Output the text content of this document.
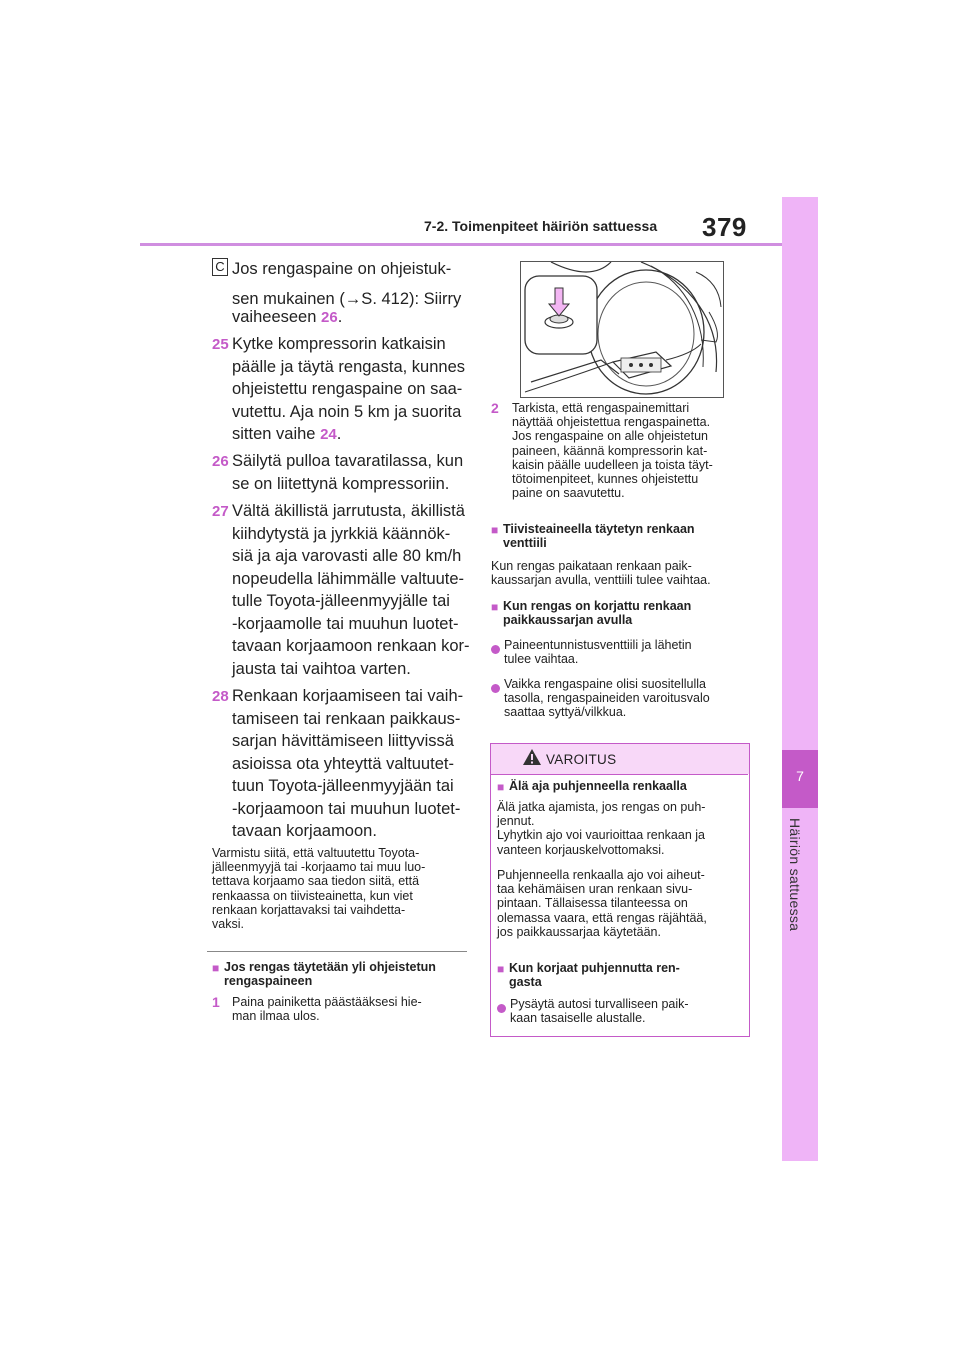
7-2. Toimenpiteet häiriön sattuessa 379
7
Häiriön sattuessa
C Jos rengaspaine on ohjeistuk-
sen mukainen (→S. 412): Siirry
vaiheeseen 26.
25 Kytke kompressorin katkaisin
päälle ja täytä rengasta, kunnes
ohjeistettu rengaspaine on saa-
vutettu. Aja noin 5 km ja suorita
sitten vaihe 24.
26 Säilytä pulloa tavaratilassa, kun
se on liitettynä kompressoriin.
27 Vältä äkillistä jarrutusta, äkillistä
kiihdytystä ja jyrkkiä käännök-
siä ja aja varovasti alle 80 km/h
nopeudella lähimmälle valtuute-
tulle Toyota-jälleenmyyjälle tai
-korjaamolle tai muuhun luotet-
tavaan korjaamoon renkaan kor-
jausta tai vaihtoa varten.
28 Renkaan korjaamiseen tai vaih-
tamiseen tai renkaan paikkaus-
sarjan hävittämiseen liittyvissä
asioissa ota yhteyttä valtuutet-
tuun Toyota-jälleenmyyjään tai
-korjaamoon tai muuhun luotet-
tavaan korjaamoon.
Varmistu siitä, että valtuutettu Toyota-
jälleenmyyjä tai -korjaamo tai muu luo-
tettava korjaamo saa tiedon siitä, että
renkaassa on tiivisteainetta, kun viet
renkaan korjattavaksi tai vaihdetta-
vaksi.
■ Jos rengas täytetään yli ohjeistetun
rengaspaineen
1 Paina painiketta päästääksesi hie-
man ilmaa ulos.
2 Tarkista, että rengaspainemittari
näyttää ohjeistettua rengaspainetta.
Jos rengaspaine on alle ohjeistetun
paineen, käännä kompressorin kat-
kaisin päälle uudelleen ja toista täyt-
tötoimenpiteet, kunnes ohjeistettu
paine on saavutettu.
■ Tiivisteaineella täytetyn renkaan
venttiili
Kun rengas paikataan renkaan paik-
kaussarjan avulla, venttiili tulee vaihtaa.
■ Kun rengas on korjattu renkaan
paikkaussarjan avulla
Paineentunnistusventtiili ja lähetin
tulee vaihtaa.
Vaikka rengaspaine olisi suositellulla
tasolla, rengaspaineiden varoitusvalo
saattaa syttyä/vilkkua.
VAROITUS
■ Älä aja puhjenneella renkaalla
Älä jatka ajamista, jos rengas on puh-
jennut.
Lyhytkin ajo voi vaurioittaa renkaan ja
vanteen korjauskelvottomaksi.
Puhjenneella renkaalla ajo voi aiheut-
taa kehämäisen uran renkaan sivu-
pintaan. Tällaisessa tilanteessa on
olemassa vaara, että rengas räjähtää,
jos paikkaussarjaa käytetään.
■ Kun korjaat puhjennutta ren-
gasta
Pysäytä autosi turvalliseen paik-
kaan tasaiselle alustalle.
